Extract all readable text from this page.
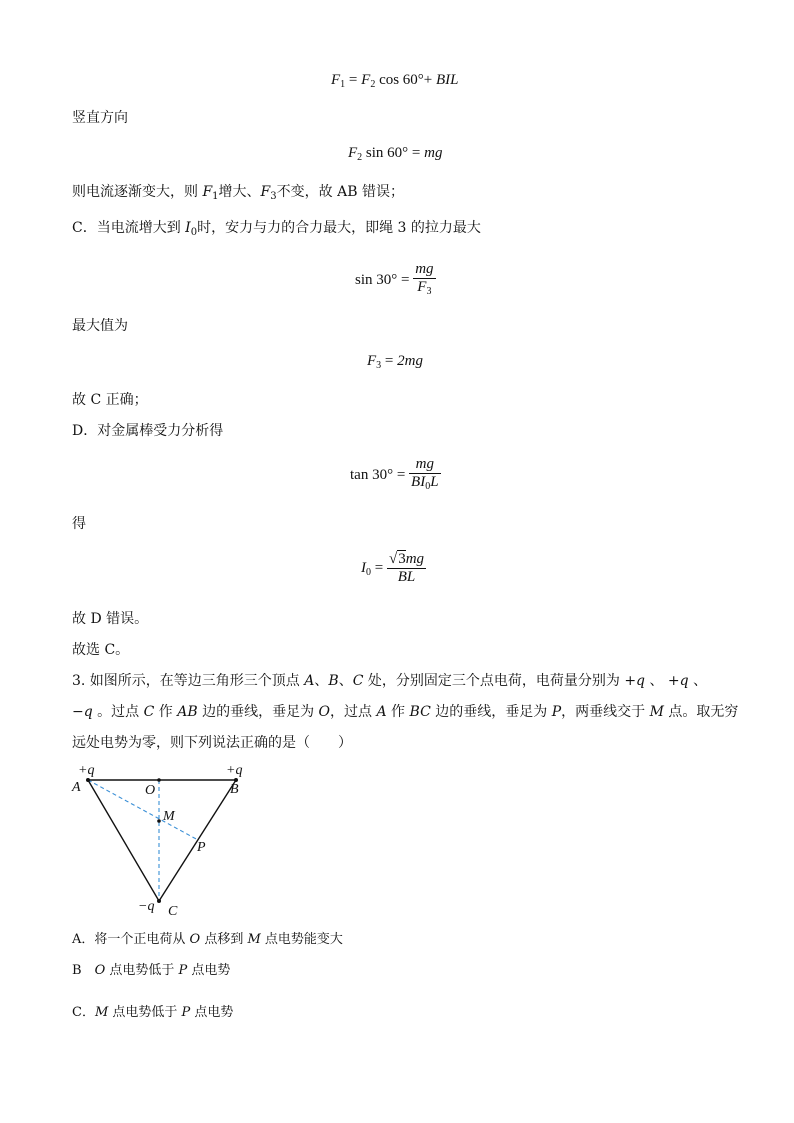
$F_1 = F_2$ cos 60°+ BIL
竖直方向
$F_2$ sin 60° = mg
则电流逐渐变大，则 $F_1$增大、$F_3$不变，故 AB 错误；
C．当电流增大到 $I_0$时，安力与力的合力最大，即绳 3 的拉力最大
$\sin 30^\circ = \frac{mg}{F_3}$
最大值为
$F_3 = 2mg$
故 C 正确；
D．对金属棒受力分析得
$\tan 30^\circ = \frac{mg}{BI_0L}$
得
$I_0 = \frac{√3mg}{BL}$
故 D 错误。
故选 C。
3. 如图所示，在等边三角形三个顶点 A、B、C 处，分别固定三个点电荷，电荷量分别为 +q 、 +q 、
−q 。过点 C 作 AB 边的垂线，垂足为 O，过点 A 作 BC 边的垂线，垂足为 P，两垂线交于 M 点。取无穷
远处电势为零，则下列说法正确的是（　　）
+q	+q
−q
A	B
C
O
M
P
A．将一个正电荷从 O 点移到 M 点电势能变大
B　O 点电势低于 P 点电势
C．M 点电势低于 P 点电势
